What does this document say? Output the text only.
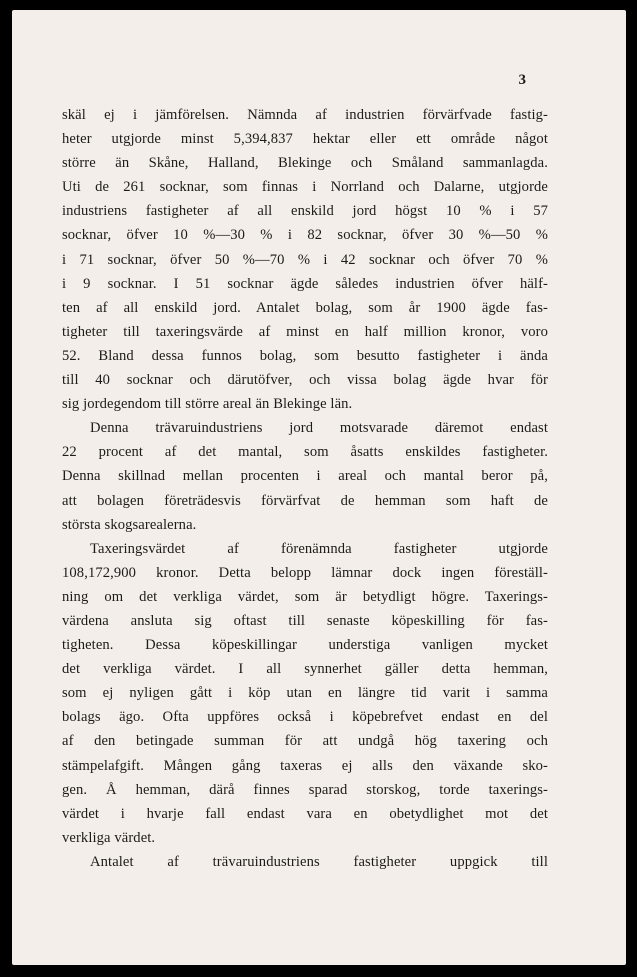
3
skäl ej i jämförelsen. Nämnda af industrien förvärfvade fastig-
heter utgjorde minst 5,394,837 hektar eller ett område något
större än Skåne, Halland, Blekinge och Småland sammanlagda.
Uti de 261 socknar, som finnas i Norrland och Dalarne, utgjorde
industriens fastigheter af all enskild jord högst 10 % i 57
socknar, öfver 10 %—30 % i 82 socknar, öfver 30 %—50 %
i 71 socknar, öfver 50 %—70 % i 42 socknar och öfver 70 %
i 9 socknar. I 51 socknar ägde således industrien öfver hälf-
ten af all enskild jord. Antalet bolag, som år 1900 ägde fas-
tigheter till taxeringsvärde af minst en half million kronor, voro
52. Bland dessa funnos bolag, som besutto fastigheter i ända
till 40 socknar och därutöfver, och vissa bolag ägde hvar för
sig jordegendom till större areal än Blekinge län.
Denna trävaruindustriens jord motsvarade däremot endast
22 procent af det mantal, som åsatts enskildes fastigheter.
Denna skillnad mellan procenten i areal och mantal beror på,
att bolagen företrädesvis förvärfvat de hemman som haft de
största skogsarealerna.
Taxeringsvärdet af förenämnda fastigheter utgjorde
108,172,900 kronor. Detta belopp lämnar dock ingen föreställ-
ning om det verkliga värdet, som är betydligt högre. Taxerings-
värdena ansluta sig oftast till senaste köpeskilling för fas-
tigheten. Dessa köpeskillingar understiga vanligen mycket
det verkliga värdet. I all synnerhet gäller detta hemman,
som ej nyligen gått i köp utan en längre tid varit i samma
bolags ägo. Ofta uppföres också i köpebrefvet endast en del
af den betingade summan för att undgå hög taxering och
stämpelafgift. Mången gång taxeras ej alls den växande sko-
gen. Å hemman, därå finnes sparad storskog, torde taxerings-
värdet i hvarje fall endast vara en obetydlighet mot det
verkliga värdet.
Antalet af trävaruindustriens fastigheter uppgick till
